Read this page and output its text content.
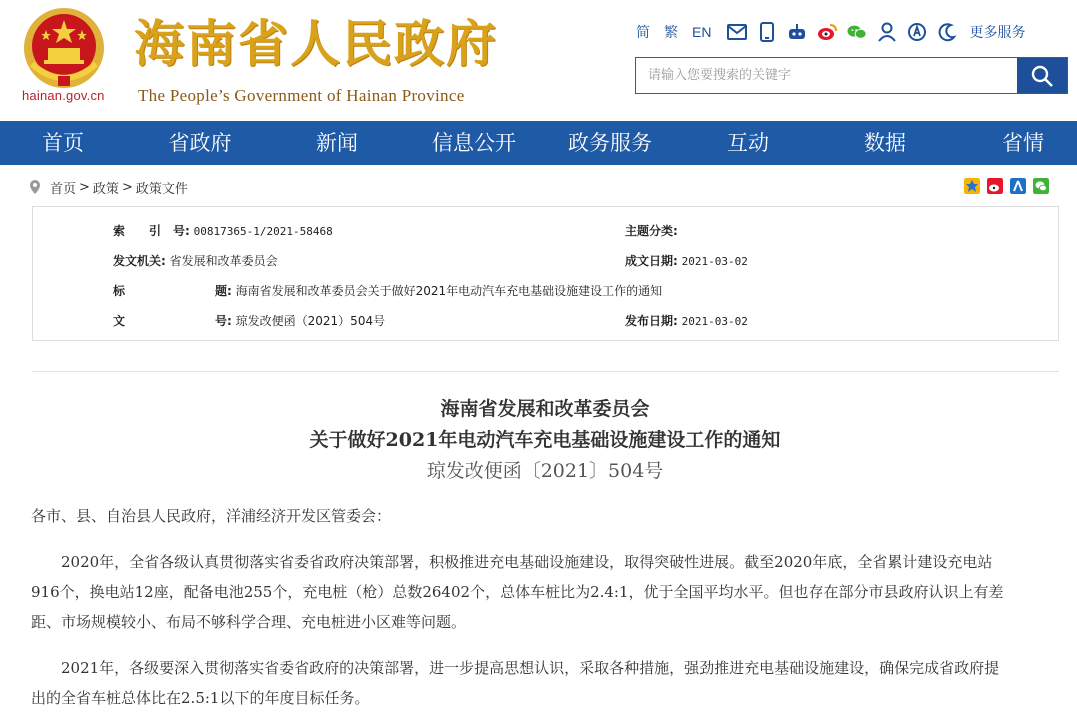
hainan.gov.cn
海南省人民政府
The People’s Government of Hainan Province
简 繁 EN	更多服务
请输入您要搜索的关键字
首页	省政府	新闻	信息公开	政务服务	互动	数据	省情
首页 > 政策 > 政策文件
索　　引　号: 00817365-1/2021-58468	主题分类:
发文机关: 省发展和改革委员会	成文日期: 2021-03-02
标	题: 海南省发展和改革委员会关于做好2021年电动汽车充电基础设施建设工作的通知
文	号: 琼发改便函（2021）504号	发布日期: 2021-03-02
海南省发展和改革委员会
关于做好2021年电动汽车充电基础设施建设工作的通知
琼发改便函〔2021〕504号
各市、县、自治县人民政府，洋浦经济开发区管委会：
　　2020年，全省各级认真贯彻落实省委省政府决策部署，积极推进充电基础设施建设，取得突破性进展。截至2020年底，全省累计建设充电站
916个，换电站12座，配备电池255个，充电桩（枪）总数26402个，总体车桩比为2.4:1，优于全国平均水平。但也存在部分市县政府认识上有差
距、市场规模较小、布局不够科学合理、充电桩进小区难等问题。
　　2021年，各级要深入贯彻落实省委省政府的决策部署，进一步提高思想认识，采取各种措施，强劲推进充电基础设施建设，确保完成省政府提
出的全省车桩总体比在2.5:1以下的年度目标任务。
